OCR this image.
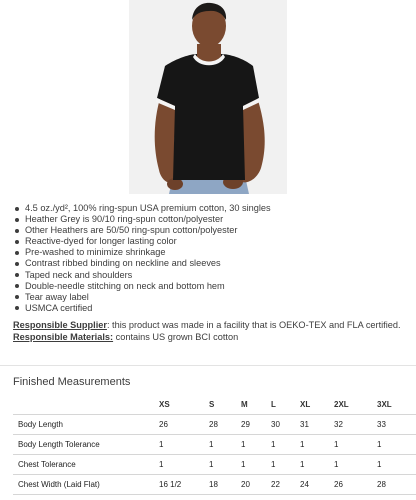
4.5 oz./yd², 100% ring-spun USA premium cotton, 30 singles
Heather Grey is 90/10 ring-spun cotton/polyester
Other Heathers are 50/50 ring-spun cotton/polyester
Reactive-dyed for longer lasting color
Pre-washed to minimize shrinkage
Contrast ribbed binding on neckline and sleeves
Taped neck and shoulders
Double-needle stitching on neck and bottom hem
Tear away label
USMCA certified

Responsible Supplier: this product was made in a facility that is OEKO-TEX and FLA certified.

Responsible Materials: contains US grown BCI cotton

Finished Measurements
	XS	S	M	L	XL	2XL	3XL
Body Length	26	28	29	30	31	32	33
Body Length Tolerance	1	1	1	1	1	1	1
Chest Tolerance	1	1	1	1	1	1	1
Chest Width (Laid Flat)	16 1/2	18	20	22	24	26	28
